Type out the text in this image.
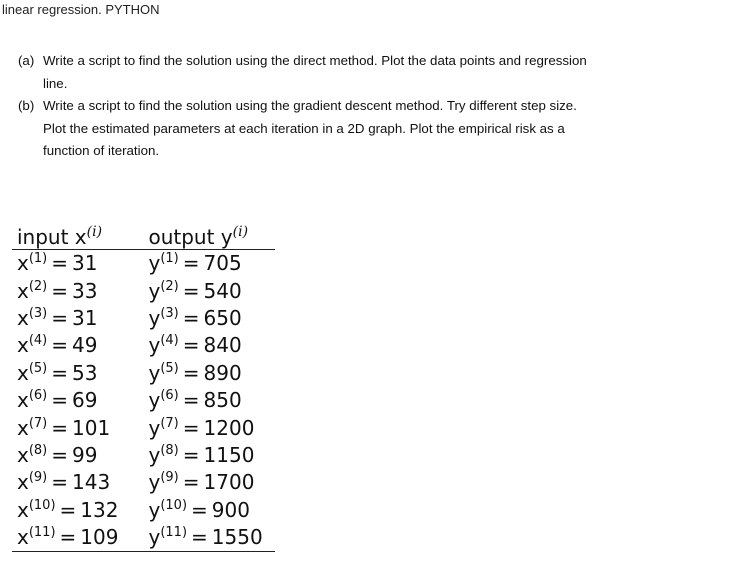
linear regression. PYTHON
(a) Write a script to find the solution using the direct method. Plot the data points and regression
line.
(b) Write a script to find the solution using the gradient descent method. Try different step size.
Plot the estimated parameters at each iteration in a 2D graph. Plot the empirical risk as a
function of iteration.
input $x^{(i)}$	output $y^{(i)}$
$x^{(1)} = 31$	$y^{(1)} = 705$
$x^{(2)} = 33$	$y^{(2)} = 540$
$x^{(3)} = 31$	$y^{(3)} = 650$
$x^{(4)} = 49$	$y^{(4)} = 840$
$x^{(5)} = 53$	$y^{(5)} = 890$
$x^{(6)} = 69$	$y^{(6)} = 850$
$x^{(7)} = 101$	$y^{(7)} = 1200$
$x^{(8)} = 99$	$y^{(8)} = 1150$
$x^{(9)} = 143$	$y^{(9)} = 1700$
$x^{(10)} = 132$	$y^{(10)} = 900$
$x^{(11)} = 109$	$y^{(11)} = 1550$
